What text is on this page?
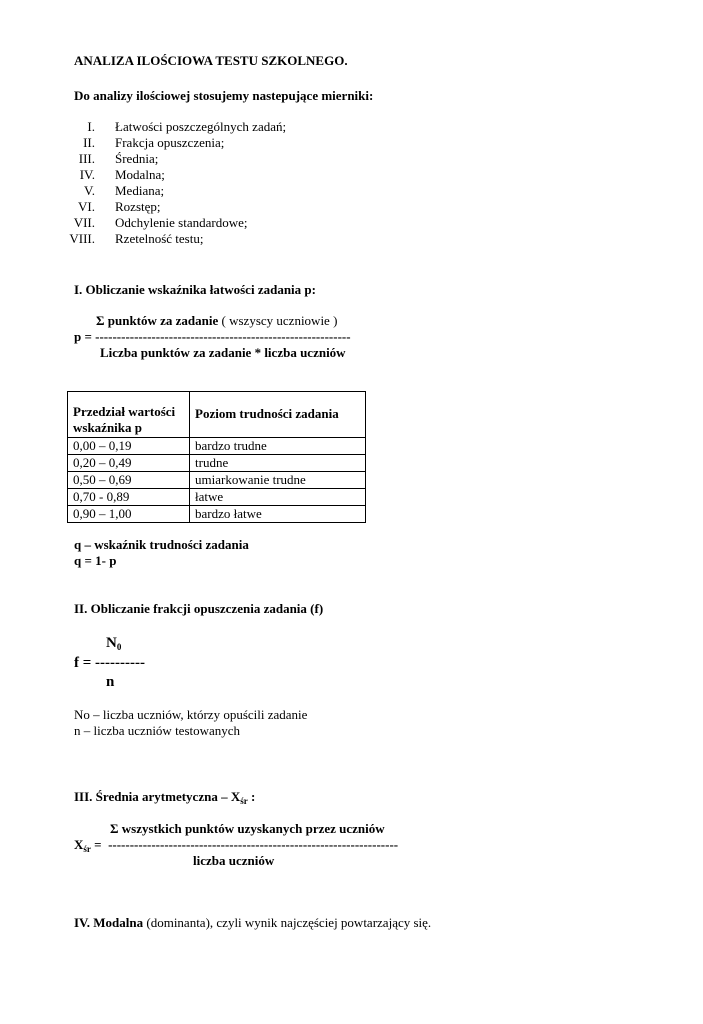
ANALIZA ILOŚCIOWA TESTU SZKOLNEGO.
Do analizy ilościowej stosujemy nastepujące mierniki:
I. Łatwości poszczególnych zadań;
II. Frakcja opuszczenia;
III. Średnia;
IV. Modalna;
V. Mediana;
VI. Rozstęp;
VII. Odchylenie standardowe;
VIII. Rzetelność testu;
I. Obliczanie wskaźnika łatwości zadania p:
Σ punktów za zadanie ( wszyscy uczniowie )
p = -----------------------------------------------------------
Liczba punktów za zadanie * liczba uczniów
Przedział wartości wskaźnika p	Poziom trudności zadania
0,00 – 0,19	bardzo trudne
0,20 – 0,49	trudne
0,50 – 0,69	umiarkowanie trudne
0,70 - 0,89	łatwe
0,90 – 1,00	bardzo łatwe
q – wskaźnik trudności zadania
q = 1- p
II. Obliczanie frakcji opuszczenia zadania (f)
$N_0$
f = ----------
n
No – liczba uczniów, którzy opuścili zadanie
n – liczba uczniów testowanych
III. Średnia arytmetyczna – $X_{śr}$ :
Σ wszystkich punktów uzyskanych przez uczniów
$X_{śr}$ =  -------------------------------------------------------------------
liczba uczniów
IV. Modalna (dominanta), czyli wynik najczęściej powtarzający się.
